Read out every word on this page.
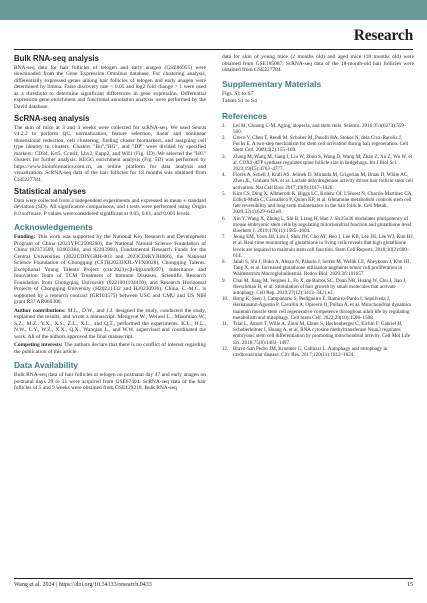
Research
Bulk RNA-seq analysis

RNA-seq data for hair follicles of telogen and early anagen (GSE86955) were downloaded from the Gene Expression Omnibus database. For clustering analysis, differentially expressed genes among hair follicles of telogen and early anagen were determined by limma. False discovery rate < 0.05 and log2 fold change > 1 were used as a threshold to determine significant differences in gene expression. Differential expression gene enrichment and functional annotation analysis were performed by the David database.

ScRNA-seq analysis

The skin of mice at 3 and 4 weeks were collected for scRNA-seq. We used Seurat v4.2.2 to perform QC, normalization, feature selection, linear and nonlinear dimensional reduction, cell clustering, finding cluster biomarkers, and assigning cell type identity to clusters. Clusters "Bu","HG", and "DP" were divided by specified markers: CD34, Krt5, Ccnd1, Lhx2, Enpp2, and Wif1 (Fig. 1D). We selected the "HG" clusters for further analysis. KEGG enrichment analysis (Fig. 5D) was performed by https://www.bioinformatics.com.cn, an online platform for data analysis and visualization. ScRNA-seq data of the hair follicles for 18 months was obtained from GSE227784.

Statistical analyses

Data were collected from 3 independent experiments and expressed as mean ± standard deviation (SD). All significance comparisons, and t tests were performed using Origin 8.0 software. P values were considered significant at 0.05, 0.01, and 0.001 levels.

Acknowledgements

Funding: This work was supported by the National Key Research and Development Program of China (2023YFC2508200), the National Natural Science Foundation of China (82373509, 82003384, and 82203960), Fundamental Research Funds for the Central Universities (2022CDJYGRH-003 and 2023CDJKYJH066), the National Science Foundation of Chongqing (CSTB2023JXJL-YFX0028), Chongqing Talents: Exceptional Young Talents Project (cstc2021ycjh-bgzxm0397), Inheritance and Innovation Team of TCM Treatment of Immune Diseases, Scientific Research Foundation from Chongqing University (0221001104410), and Research Horizontal Projects of Chongqing University (H20231432 and H20230936), China. C.-M.C. is supported by a research contract (GR103575) between USC and CMU and US NIH grant R37 AR060306.

Author contributions: M.L., D.W., and J.J. designed the study, conducted the study, explained the results, and wrote a manuscript. Mengyue W., Weiwei L., Miaomiao W., S.Z., M.Z., Y.X., X.S., Z.L., X.L., and Q.T., performed the experiments. K.L., H.L., N.W., L.Y., W.Z., X.X., Q.X., Wanqian L., and W.W. supervised and coordinated the work. All of the authors approved the final manuscript.

Competing interests: The authors declare that there is no conflict of interest regarding the publication of this article.

Data Availability

Bulk RNA-seq data of hair follicles at telogen on postnatal day 47 and early anagen on postnatal days 29 to 31 were acquired from GSE67404. ScRNA-seq data of the hair follicles of 5 and 9 weeks were obtained from GSE129218. Bulk RNA-seq

data for skin of young mice (2 months old) and aged mice (18 months old) were obtained from GSE185087. ScRNA-seq data of the 18-month-old hair follicles were obtained from GSE227784.

Supplementary Materials
Figs. S1 to S7
Tables S1 to S4
References
1.	Lei M, Chuong C-M. Aging, alopecia, and stem cells. Science. 2016;351(6273):559–560.
2.	Greco V, Chen T, Rendl M, Schober M, Pasolli HA, Stokes N, dela Cruz-Racelis J, Fuchs E. A two-step mechanism for stem cell activation during hair regeneration. Cell Stem Cell. 2009;4(2):155–169.
3.	Zhang M, Wang M, Jiang J, Liu W, Zhou S, Wang D, Wang M, Zhao Z, Xu Z, Wu W, et al. COX2-ATP synthase regulates spine follicle size in hedgehogs. Int J Biol Sci. 2023;19(15):4763–4777.
4.	Flores A, Schell J, Krall AS, Jelinek D, Miranda M, Grigorian M, Braas D, White AC, Zhou JL, Graham NA, et al. Lactate dehydrogenase activity drives hair follicle stem cell activation. Nat Cell Biol. 2017;19(9):1017–1026.
5.	Kim CS, Ding X, Allmeroth K, Biggs LC, Kolenc OI, L'Hoest N, Chacón-Martinez CA, Edlich-Muth C, Giavalisco P, Quinn KP, et al. Glutamine metabolism controls stem cell fate reversibility and long-term maintenance in the hair follicle. Cell Metab. 2020;32(4):629–642.e8.
6.	Xin Y, Wang X, Zhong L, Shi B, Liang H, Han J. Slc25a36 modulates pluripotency of mouse embryonic stem cells by regulating mitochondrial function and glutathione level. Biochem J. 2019;476(11):1585–1604.
7.	Jeong EM, Yoon JH, Lim J, Shin JW, Cho AY, Heo J, Lee KB, Lee JH, Lee WJ, Kim HJ, et al. Real-time monitoring of glutathione in living cells reveals that high glutathione levels are required to maintain stem cell function. Stem Cell Reports. 2018;10(2):600–614.
8.	Jalali S, Shi J, Buko A, Ahsan N, Palsulo J, Serres M, Wellik LE, Abeykoon J, Kim HJ, Tang X, et al. Increased glutathione utilization augments tumor cell proliferation in Waldenstrom Macroglobulinemia. Redox Biol. 2020;36:101657.
9.	Chai M, Jiang M, Vergnes L, Fu X, de Barros SC, Doan NB, Huang W, Chu J, Jiao J, Herschman H, et al. Stimulation of hair growth by small molecules that activate autophagy. Cell Rep. 2019;27(12):3413–3421.e3.
10. Hong K, Seen J, Campanario S, Pedigueiro E, Ramirez-Pardo I, Sepúlveda J, Hernansanz-Agustín P, Cavallin A, Oprescu O, Pollan A, et al. Mitochondrial dynamics maintain muscle stem cell regenerative competence throughout adult life by regulating metabolism and mitophagy. Cell Stem Cell. 2022;29(10):1506–1508.
11. Trial L, Amort T, Wille A, Zinni M, Ebner S, Hechenberger C, Eichin F, Gabriel H, Schoberleitner I, Huang A, et al. RNA cytosine methyltransferase Nsun3 regulates embryonic stem cell differentiation by promoting mitochondrial activity. Cell Mol Life Sci. 2018;75(8):1483–1497.
12. Bravo-San Pedro JM, Kroemer G, Galluzzi L. Autophagy and mitophagy in cardiovascular disease. Circ Res. 2017;120(11):1812–1824.
Wang et al. 2024 | https://doi.org/10.34133/research.0433	15
